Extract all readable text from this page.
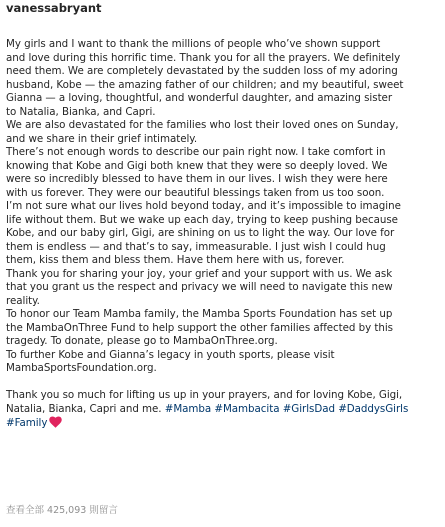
vanessabryant

My girls and I want to thank the millions of people who’ve shown support

and love during this horrific time. Thank you for all the prayers. We definitely

need them. We are completely devastated by the sudden loss of my adoring

husband, Kobe — the amazing father of our children; and my beautiful, sweet

Gianna — a loving, thoughtful, and wonderful daughter, and amazing sister

to Natalia, Bianka, and Capri.

We are also devastated for the families who lost their loved ones on Sunday,

and we share in their grief intimately.

There’s not enough words to describe our pain right now. I take comfort in

knowing that Kobe and Gigi both knew that they were so deeply loved. We

were so incredibly blessed to have them in our lives. I wish they were here

with us forever. They were our beautiful blessings taken from us too soon.

I’m not sure what our lives hold beyond today, and it’s impossible to imagine

life without them. But we wake up each day, trying to keep pushing because

Kobe, and our baby girl, Gigi, are shining on us to light the way. Our love for

them is endless — and that’s to say, immeasurable. I just wish I could hug

them, kiss them and bless them. Have them here with us, forever.

Thank you for sharing your joy, your grief and your support with us. We ask

that you grant us the respect and privacy we will need to navigate this new

reality.

To honor our Team Mamba family, the Mamba Sports Foundation has set up

the MambaOnThree Fund to help support the other families affected by this

tragedy. To donate, please go to MambaOnThree.org.

To further Kobe and Gianna’s legacy in youth sports, please visit

MambaSportsFoundation.org.

Thank you so much for lifting us up in your prayers, and for loving Kobe, Gigi,

Natalia, Bianka, Capri and me. #Mamba #Mambacita #GirlsDad #DaddysGirls

#Family

查看全部 425,093 則留言
